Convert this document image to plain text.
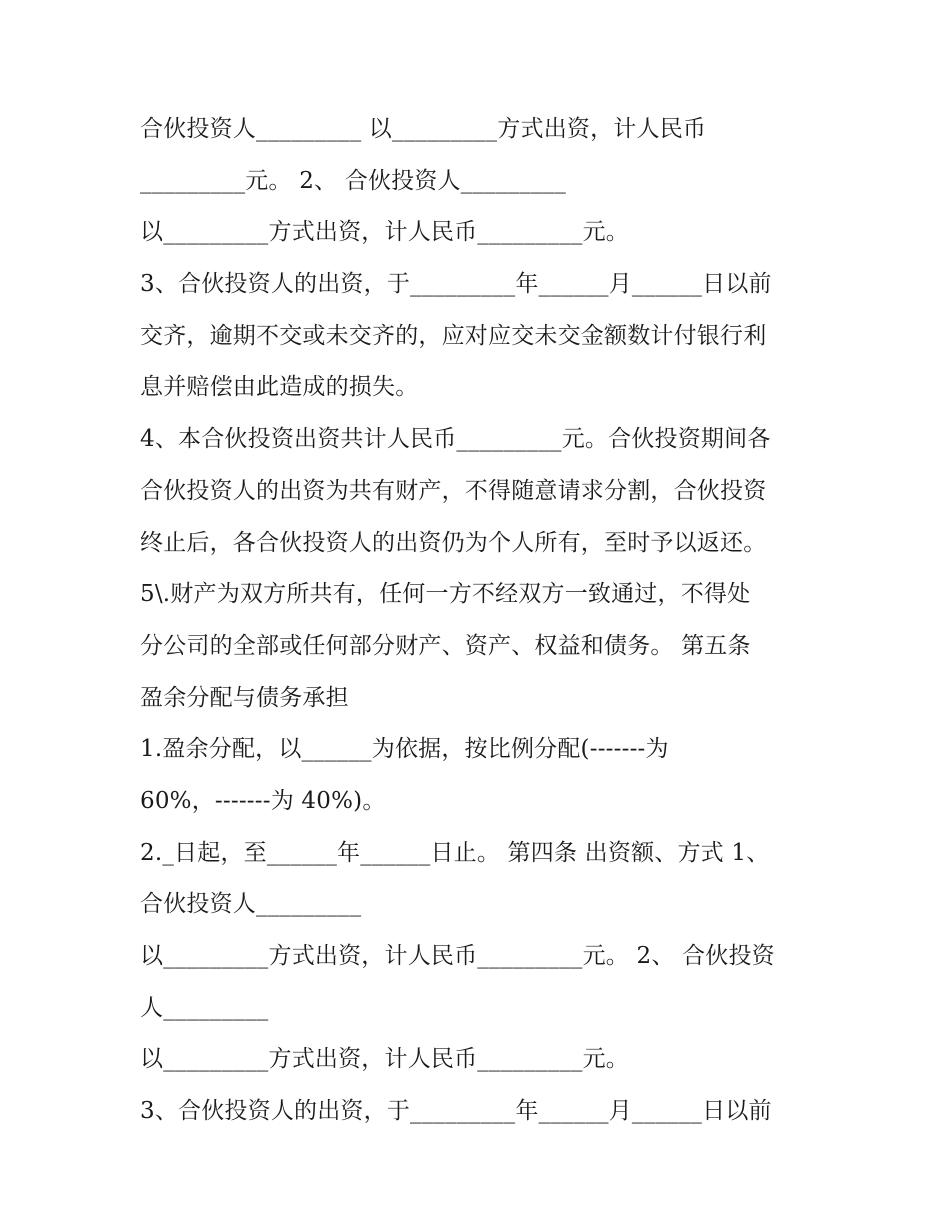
合伙投资人_________ 以_________方式出资，计人民币
_________元。 2、 合伙投资人_________
以_________方式出资，计人民币_________元。
3、合伙投资人的出资，于_________年______月______日以前
交齐，逾期不交或未交齐的，应对应交未交金额数计付银行利
息并赔偿由此造成的损失。
4、本合伙投资出资共计人民币_________元。合伙投资期间各
合伙投资人的出资为共有财产，不得随意请求分割，合伙投资
终止后，各合伙投资人的出资仍为个人所有，至时予以返还。
5\.财产为双方所共有，任何一方不经双方一致通过，不得处
分公司的全部或任何部分财产、资产、权益和债务。 第五条
盈余分配与债务承担
1.盈余分配，以______为依据，按比例分配(-------为
60%，-------为 40%)。
2._日起，至______年______日止。 第四条 出资额、方式 1、
合伙投资人_________
以_________方式出资，计人民币_________元。 2、 合伙投资
人_________
以_________方式出资，计人民币_________元。
3、合伙投资人的出资，于_________年______月______日以前
